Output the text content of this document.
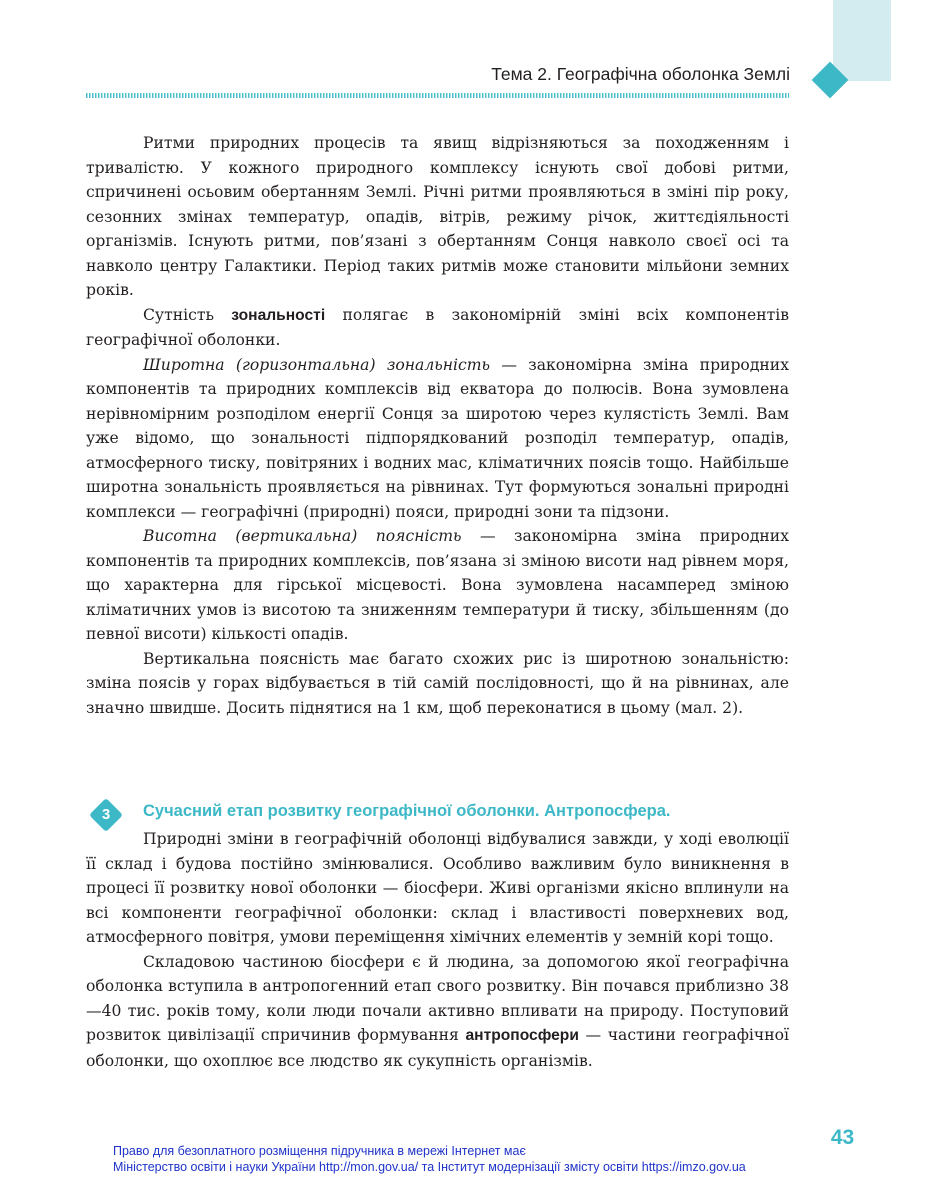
Тема 2. Географічна оболонка Землі

Ритми природних процесів та явищ відрізняються за походженням і тривалістю. У кожного природного комплексу існують свої добові ритми, спричинені осьовим обертанням Землі. Річні ритми проявляються в зміні пір року, сезонних змінах температур, опадів, вітрів, режиму річок, життєдіяльності організмів. Існують ритми, пов’язані з обертанням Сонця навколо своєї осі та навколо центру Галактики. Період таких ритмів може становити мільйони земних років.

Сутність зональності полягає в закономірній зміні всіх компонентів географічної оболонки.

Широтна (горизонтальна) зональність — закономірна зміна природних компонентів та природних комплексів від екватора до полюсів. Вона зумовлена нерівномірним розподілом енергії Сонця за широтою через кулястість Землі. Вам уже відомо, що зональності підпорядкований розподіл температур, опадів, атмосферного тиску, повітряних і водних мас, кліматичних поясів тощо. Найбільше широтна зональність проявляється на рівнинах. Тут формуються зональні природні комплекси — географічні (природні) пояси, природні зони та підзони.

Висотна (вертикальна) поясність — закономірна зміна природних компонентів та природних комплексів, пов’язана зі зміною висоти над рівнем моря, що характерна для гірської місцевості. Вона зумовлена насамперед зміною кліматичних умов із висотою та зниженням температури й тиску, збільшенням (до певної висоти) кількості опадів.

Вертикальна поясність має багато схожих рис із широтною зональністю: зміна поясів у горах відбувається в тій самій послідовності, що й на рівнинах, але значно швидше. Досить піднятися на 1 км, щоб переконатися в цьому (мал. 2).

3	Сучасний етап розвитку географічної оболонки. Антропосфера.

Природні зміни в географічній оболонці відбувалися завжди, у ході еволюції її склад і будова постійно змінювалися. Особливо важливим було виникнення в процесі її розвитку нової оболонки — біосфери. Живі організми якісно вплинули на всі компоненти географічної оболонки: склад і властивості поверхневих вод, атмосферного повітря, умови переміщення хімічних елементів у земній корі тощо.

Складовою частиною біосфери є й людина, за допомогою якої географічна оболонка вступила в антропогенний етап свого розвитку. Він почався приблизно 38—40 тис. років тому, коли люди почали активно впливати на природу. Поступовий розвиток цивілізації спричинив формування антропосфери — частини географічної оболонки, що охоплює все людство як сукупність організмів.

43
Право для безоплатного розміщення підручника в мережі Інтернет має
Міністерство освіти і науки України http://mon.gov.ua/ та Інститут модернізації змісту освіти https://imzo.gov.ua
